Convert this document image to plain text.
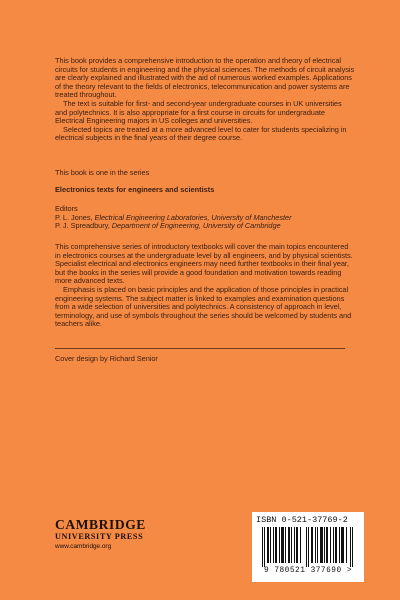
This book provides a comprehensive introduction to the operation and theory of electrical circuits for students in engineering and the physical sciences. The methods of circuit analysis are clearly explained and illustrated with the aid of numerous worked examples. Applications of the theory relevant to the fields of electronics, telecommunication and power systems are treated throughout.

The text is suitable for first- and second-year undergraduate courses in UK universities and polytechnics. It is also appropriate for a first course in circuits for undergraduate Electrical Engineering majors in US colleges and universities.

Selected topics are treated at a more advanced level to cater for students specializing in electrical subjects in the final years of their degree course.

This book is one in the series

Electronics texts for engineers and scientists

Editors

P. L. Jones, Electrical Engineering Laboratories, University of Manchester

P. J. Spreadbury, Department of Engineering, University of Cambridge

This comprehensive series of introductory textbooks will cover the main topics encountered in electronics courses at the undergraduate level by all engineers, and by physical scientists. Specialist electrical and electronics engineers may need further textbooks in their final year, but the books in the series will provide a good foundation and motivation towards reading more advanced texts.

Emphasis is placed on basic principles and the application of those principles in practical engineering systems. The subject matter is linked to examples and examination questions from a wide selection of universities and polytechnics. A consistency of approach in level, terminology, and use of symbols throughout the series should be welcomed by students and teachers alike.

Cover design by Richard Senior

CAMBRIDGE
UNIVERSITY PRESS
www.cambridge.org
ISBN 0-521-37769-2
9 780521 377690 >
